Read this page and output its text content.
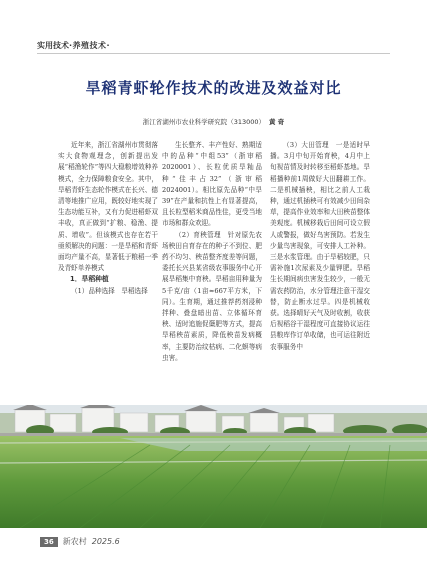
实用技术·养殖技术·
旱稻青虾轮作技术的改进及效益对比
浙江省湖州市农业科学研究院（313000） 黄 奇

近年来，浙江省湖州市贯彻落实大食物观理念，创新提出发展“稻渔轮作”等四大稳粮增效种养模式，全力保障粮食安全。其中，旱稻青虾生态轮作模式在长兴、德清等地推广应用，既较好地实现了生态功能互补，又有力促进稻虾双丰收，真正做到“扩粮、稳渔、提质、增收”。但该模式也存在若干亟须解决的问题：一是旱稻和青虾面均产量不高，显著低于粮稻一季及青虾单养模式

1．旱稻种植

（1）品种选择　旱稻选择

生长整齐、丰产性好、熟期适中的品种“中组53”（浙审稻2020001）、长粒优质旱籼品种“佳丰占32”（浙审稻2024001）。相比原先品种“中旱39”在产量和抗性上有显著提高，且长粒型稻米商品性佳，更受当地市场和群众欢迎。

（2）育秧管理　针对原先农场秧田自育存在的种子不到位、肥药不均匀、秧苗整齐度差等问题，委托长兴县某省级农事服务中心开展旱稻集中育秧。旱稻亩用种量为5千克/亩（1亩≈667平方米，下同）。生育期，通过推荐药剂浸种拌种、叠盘暗出苗、立体循环育秧、适时追施促蘖肥等方式，提高旱稻秧苗素质，降低秧苗发病概率，主要防治纹枯病、二化螟等病虫害。

（3）大田管理　一是适时早播。3月中旬开始育秧，4月中上旬视苗情及时转移至稻虾基地。旱稻播种前1周做好大田翻耕工作。二是机械插秧，相比之前人工栽种，通过机插秧可有效减少田间杂草，提高作业效率和大田秧苗整体美观度。机械移栽后田间可设立假人或警报，做好鸟害预防。若发生少量鸟害现象，可安排人工补种。三是水浆管理。由于旱稻较肥，只需补施1次尿素及少量钾肥。旱稻生长期间病虫害发生较少，一般无需农药防治，水分管理注意干湿交替，防止断水过旱。四是机械收获。选择晴好天气及时收割，收获后视稻谷干湿程度可直接协议运往县粮库作订单收储，也可运往附近农事服务中

36	新农村 2025.6
